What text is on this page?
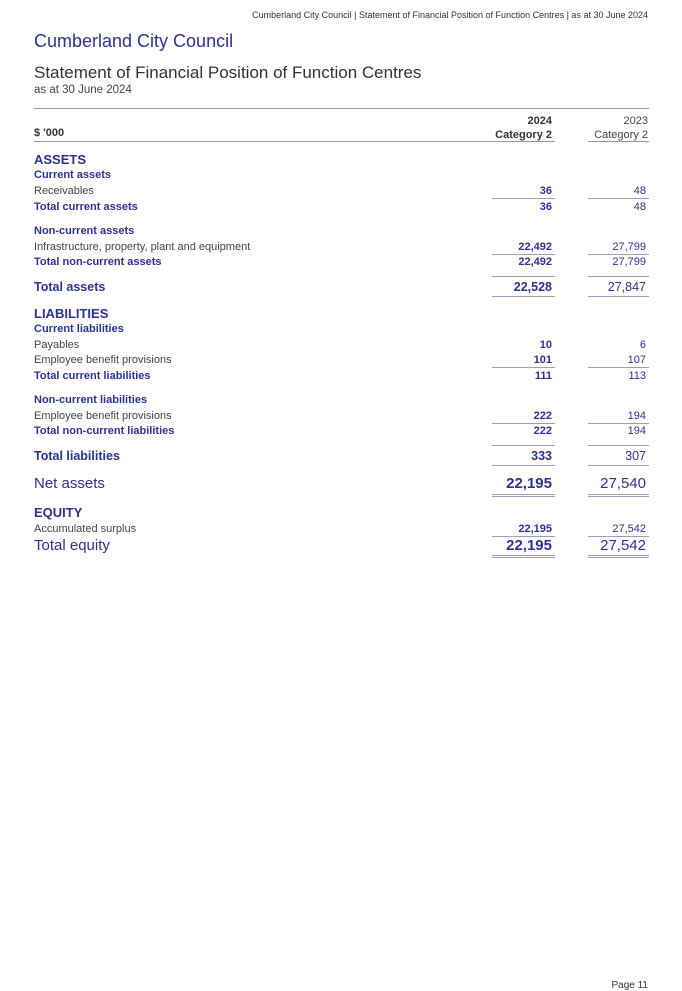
Cumberland City Council | Statement of Financial Position of Function Centres | as at 30 June 2024
Cumberland City Council
Statement of Financial Position of Function Centres
as at 30 June 2024
2024
Category 2
2023
Category 2
$ '000
ASSETS
Current assets
Receivables	36	48
Total current assets	36	48
Non-current assets
Infrastructure, property, plant and equipment	22,492	27,799
Total non-current assets	22,492	27,799
Total assets	22,528	27,847
LIABILITIES
Current liabilities
Payables	10	6
Employee benefit provisions	101	107
Total current liabilities	111	113
Non-current liabilities
Employee benefit provisions	222	194
Total non-current liabilities	222	194
Total liabilities	333	307
Net assets	22,195	27,540
EQUITY
Accumulated surplus	22,195	27,542
Total equity	22,195	27,542
Page 11
